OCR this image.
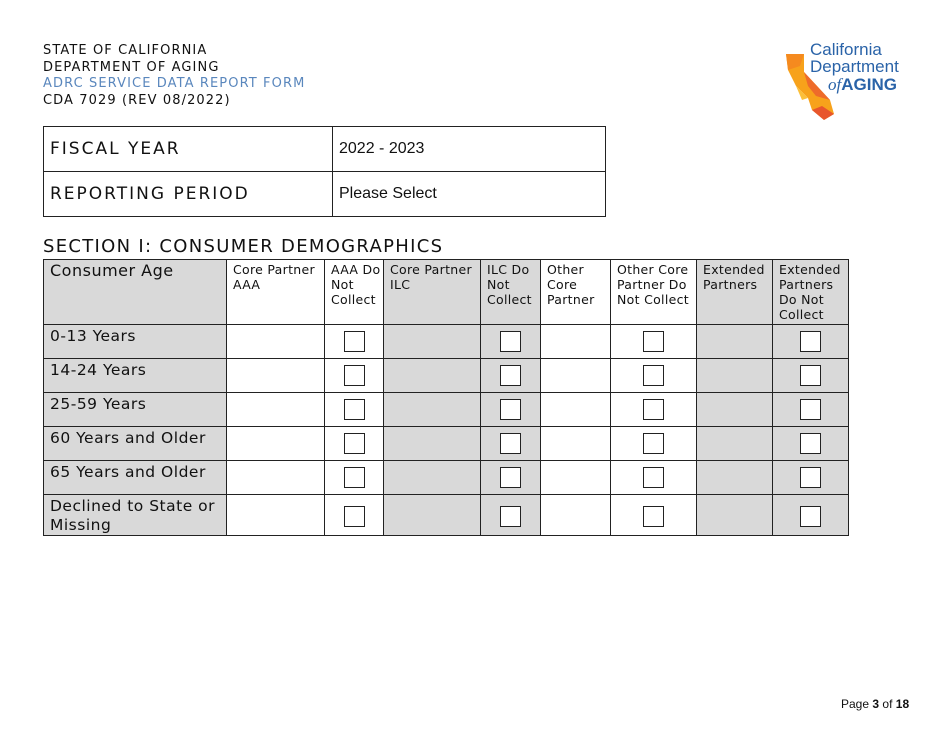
STATE OF CALIFORNIA
DEPARTMENT OF AGING
ADRC SERVICE DATA REPORT FORM
CDA 7029 (REV 08/2022)
California
Department
ofAGING
FISCAL YEAR	2022 - 2023
REPORTING PERIOD	Please Select
SECTION I: CONSUMER DEMOGRAPHICS
Consumer Age	Core Partner AAA	AAA Do Not Collect	Core Partner ILC	ILC Do Not Collect	Other Core Partner	Other Core Partner Do Not Collect	Extended Partners	Extended Partners Do Not Collect
0-13 Years								
14-24 Years								
25-59 Years								
60 Years and Older								
65 Years and Older								
Declined to State or Missing								
Page 3 of 18
